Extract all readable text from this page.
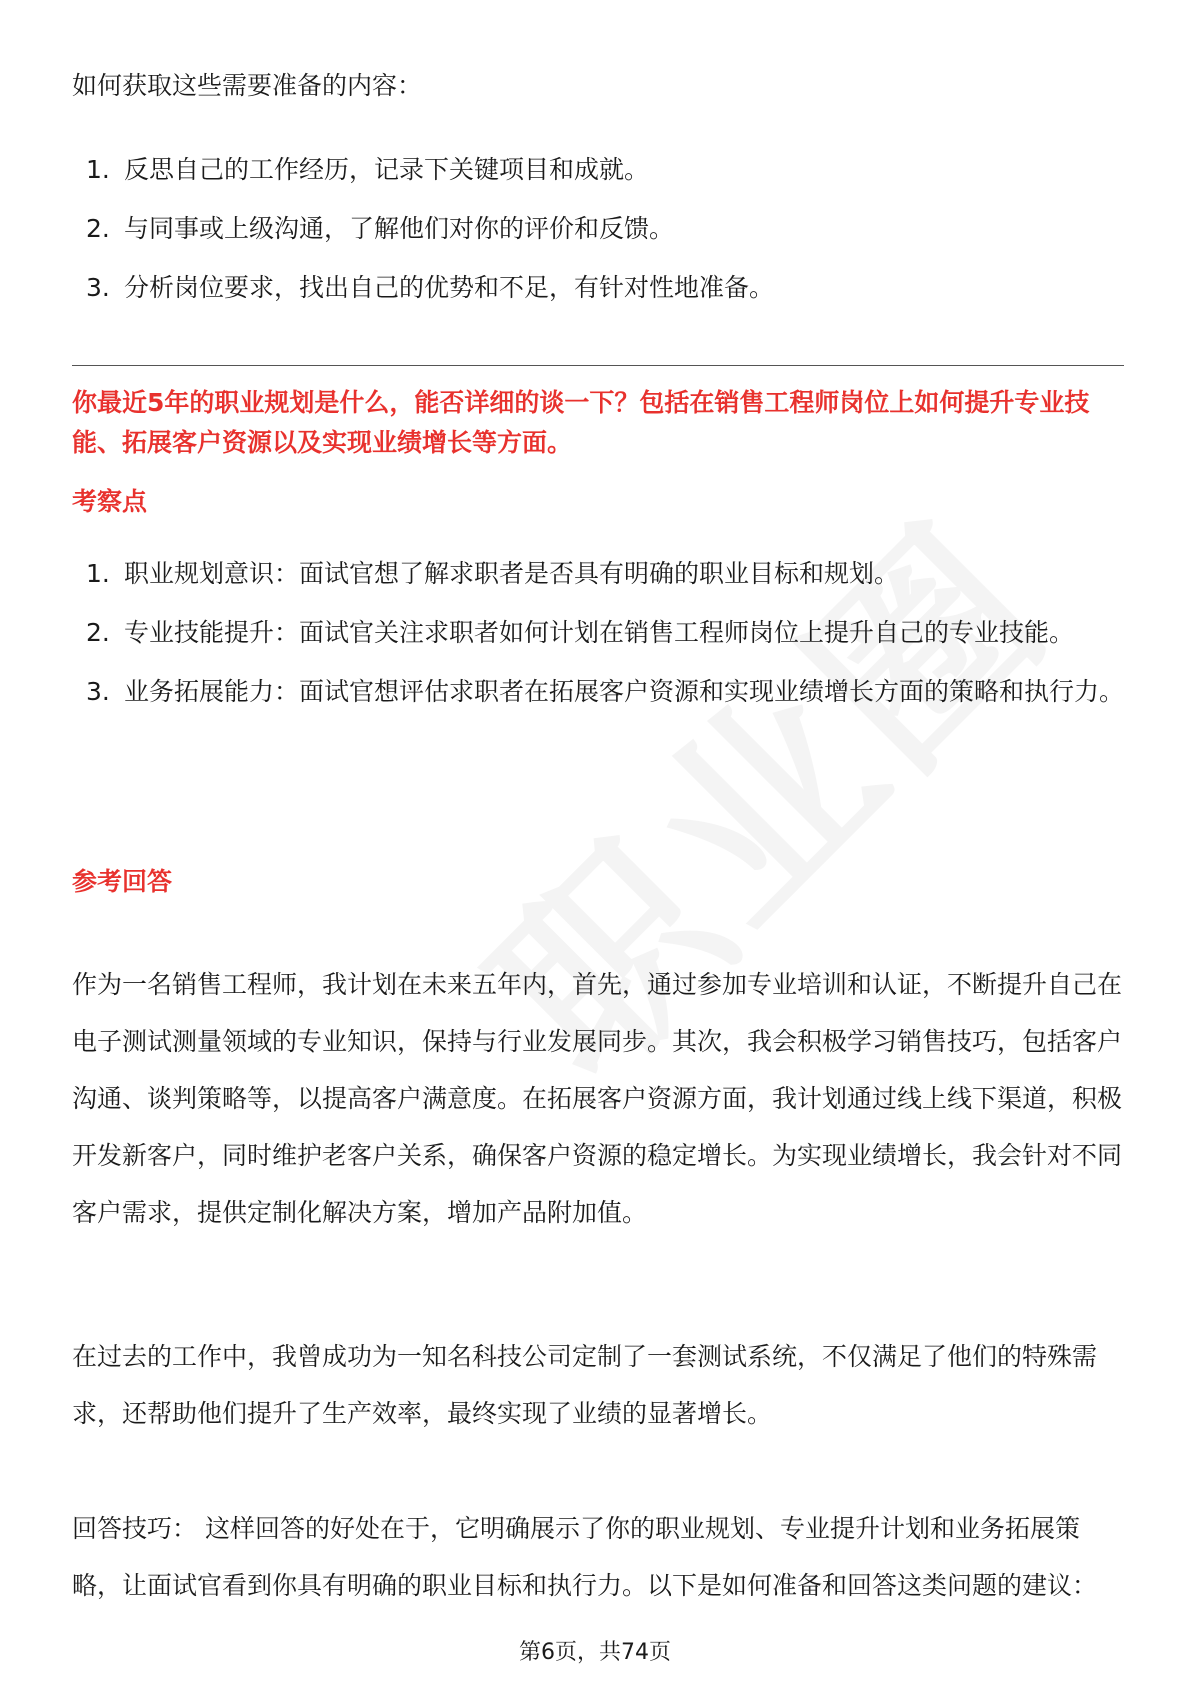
如何获取这些需要准备的内容：

1. 反思自己的工作经历，记录下关键项目和成就。
2. 与同事或上级沟通，了解他们对你的评价和反馈。
3. 分析岗位要求，找出自己的优势和不足，有针对性地准备。
你最近5年的职业规划是什么，能否详细的谈一下？包括在销售工程师岗位上如何提升专业技能、拓展客户资源以及实现业绩增长等方面。
考察点
1. 职业规划意识：面试官想了解求职者是否具有明确的职业目标和规划。
2. 专业技能提升：面试官关注求职者如何计划在销售工程师岗位上提升自己的专业技能。
3. 业务拓展能力：面试官想评估求职者在拓展客户资源和实现业绩增长方面的策略和执行力。
参考回答

作为一名销售工程师，我计划在未来五年内，首先，通过参加专业培训和认证，不断提升自己在电子测试测量领域的专业知识，保持与行业发展同步。其次，我会积极学习销售技巧，包括客户沟通、谈判策略等，以提高客户满意度。在拓展客户资源方面，我计划通过线上线下渠道，积极开发新客户，同时维护老客户关系，确保客户资源的稳定增长。为实现业绩增长，我会针对不同客户需求，提供定制化解决方案，增加产品附加值。

在过去的工作中，我曾成功为一知名科技公司定制了一套测试系统，不仅满足了他们的特殊需求，还帮助他们提升了生产效率，最终实现了业绩的显著增长。

回答技巧： 这样回答的好处在于，它明确展示了你的职业规划、专业提升计划和业务拓展策略，让面试官看到你具有明确的职业目标和执行力。以下是如何准备和回答这类问题的建议：

第6页，共74页
